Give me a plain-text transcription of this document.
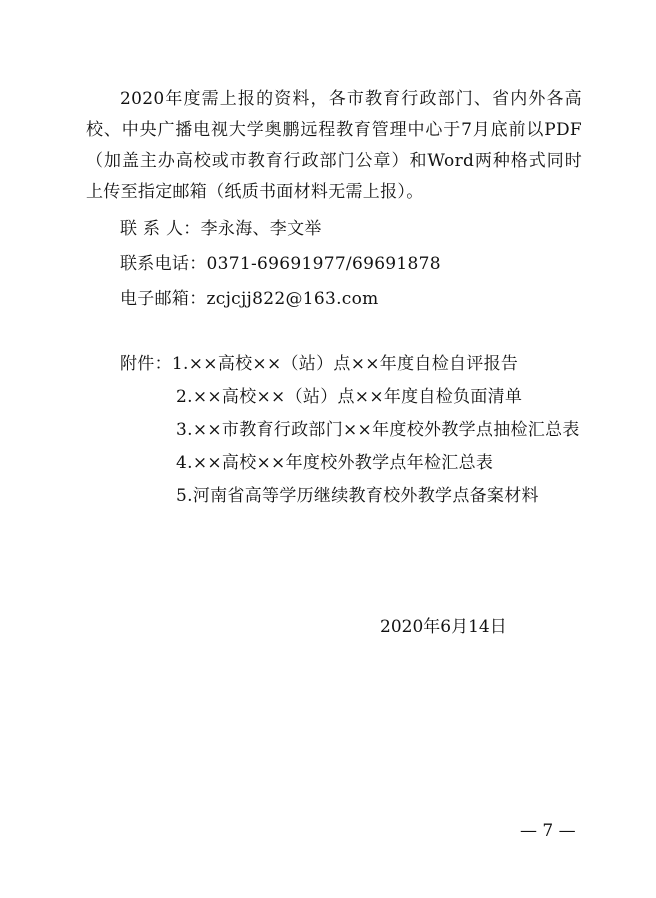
2020年度需上报的资料，各市教育行政部门、省内外各高校、中央广播电视大学奥鹏远程教育管理中心于7月底前以PDF（加盖主办高校或市教育行政部门公章）和Word两种格式同时上传至指定邮箱（纸质书面材料无需上报）。

联 系 人：李永海、李文举
联系电话：0371-69691977/69691878
电子邮箱：zcjcjj822@163.com
附件：1.××高校××（站）点××年度自检自评报告
2.××高校××（站）点××年度自检负面清单
3.××市教育行政部门××年度校外教学点抽检汇总表
4.××高校××年度校外教学点年检汇总表
5.河南省高等学历继续教育校外教学点备案材料
2020年6月14日
— 7 —
